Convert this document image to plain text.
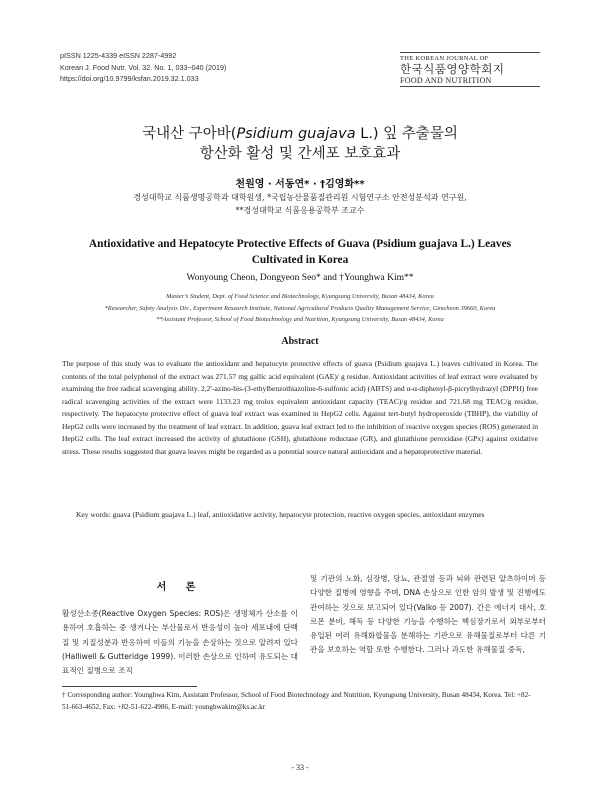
pISSN 1225-4339 eISSN 2287-4992
Korean J. Food Nutr. Vol. 32. No. 1, 033~040 (2019)
https://doi.org/10.9799/ksfan.2019.32.1.033
THE KOREAN JOURNAL OF
한국식품영양학회지
FOOD AND NUTRITION
국내산 구아바(Psidium guajava L.) 잎 추출물의
항산화 활성 및 간세포 보호효과
천원영 · 서동연* · †김영화**
경성대학교 식품생명공학과 대학원생, *국립농산물품질관리원 시험연구소 안전성분석과 연구원,
**경성대학교 식품응용공학부 조교수
Antioxidative and Hepatocyte Protective Effects of Guava (Psidium guajava L.) Leaves
Cultivated in Korea
Wonyoung Cheon, Dongyeon Seo* and †Younghwa Kim**
Master’s Student, Dept. of Food Science and Biotechnology, Kyungsung University, Busan 48434, Korea
*Researcher, Safety Analysis Div., Experiment Research Institute, National Agricultural Products Quality Management Service, Gimcheon 39660, Korea
**Assistant Professor, School of Food Biotechnology and Nutrition, Kyungsung University, Busan 48434, Korea
Abstract

The purpose of this study was to evaluate the antioxidant and hepatocyte protective effects of guava (Psidium guajava L.) leaves cultivated in Korea. The contents of the total polyphenol of the extract was 271.57 mg gallic acid equivalent (GAE)/ g residue. Antioxidant activities of leaf extract were evaluated by examining the free radical scavenging ability. 2,2′-azino-bis-(3-ethylbenzothiazoline-6-sulfonic acid) (ABTS) and α-α-diphenyl-β-picrylhydrazyl (DPPH) free radical scavenging activities of the extract were 1133.23 mg trolox equivalent antioxidant capacity (TEAC)/g residue and 721.68 mg TEAC/g residue, respectively. The hepatocyte protective effect of guava leaf extract was examined in HepG2 cells. Against tert-butyl hydroperoxide (TBHP), the viability of HepG2 cells were increased by the treatment of leaf extract. In addition, guava leaf extract led to the inhibition of reactive oxygen species (ROS) generated in HepG2 cells. The leaf extract increased the activity of glutathione (GSH), glutathione reductase (GR), and glutathione peroxidase (GPx) against oxidative stress. These results suggested that guava leaves might be regarded as a potential source natural antioxidant and a hepatoprotective material.

Key words: guava (Psidium guajava L.) leaf, antioxidative activity, hepatocyte protection, reactive oxygen species, antioxidant enzymes
서 론
활성산소종(Reactive Oxygen Species: ROS)은 생명체가 산소를 이용하여 호흡하는 중 생겨나는 부산물로서 반응성이 높아 세포내에 단백질 및 지질성분과 반응하여 이들의 기능을 손상하는 것으로 알려져 있다(Halliwell & Gutteridge 1999). 이러한 손상으로 인하여 유도되는 대표적인 질병으로 조직
및 기관의 노화, 심장병, 당뇨, 관절염 등과 뇌와 관련된 알츠하이머 등 다양한 질병에 영향을 주며, DNA 손상으로 인한 암의 발생 및 진행에도 관여하는 것으로 보고되어 있다(Valko 등 2007). 간은 에너지 대사, 호르몬 분비, 해독 등 다양한 기능을 수행하는 핵심장기로서 외부로부터 유입된 여러 유해화합물을 분해하는 기관으로 유해물질로부터 다른 기관을 보호하는 역할 또한 수행한다. 그러나 과도한 유해물질 중독,
† Corresponding author: Younghwa Kim, Assistant Professor, School of Food Biotechnology and Nutrition, Kyungsung University, Busan 48434, Korea. Tel: +82-51-663-4652, Fax: +82-51-622-4986, E-mail: younghwakim@ks.ac.kr
- 33 -
